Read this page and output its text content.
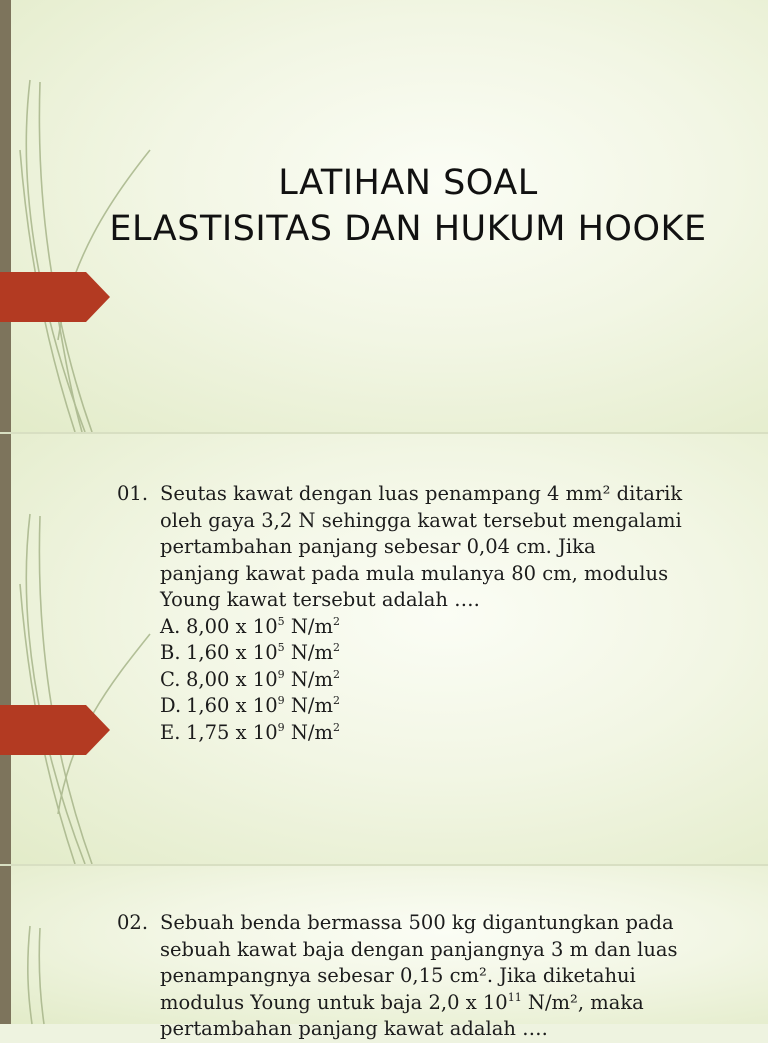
LATIHAN SOAL
ELASTISITAS DAN HUKUM HOOKE
01. Seutas kawat dengan luas penampang 4 mm² ditarik
oleh gaya 3,2 N sehingga kawat tersebut mengalami
pertambahan panjang sebesar 0,04 cm. Jika
panjang kawat pada mula mulanya 80 cm, modulus
Young kawat tersebut adalah ….
A. 8,00 x $10^5$ $N/m^2$
B. 1,60 x $10^5$ $N/m^2$
C. 8,00 x $10^9$ $N/m^2$
D. 1,60 x $10^9$ $N/m^2$
E. 1,75 x $10^9$ $N/m^2$
02. Sebuah benda bermassa 500 kg digantungkan pada
sebuah kawat baja dengan panjangnya 3 m dan luas
penampangnya sebesar 0,15 cm². Jika diketahui
modulus Young untuk baja 2,0 x $10^{11}$ N/m², maka
pertambahan panjang kawat adalah ….
